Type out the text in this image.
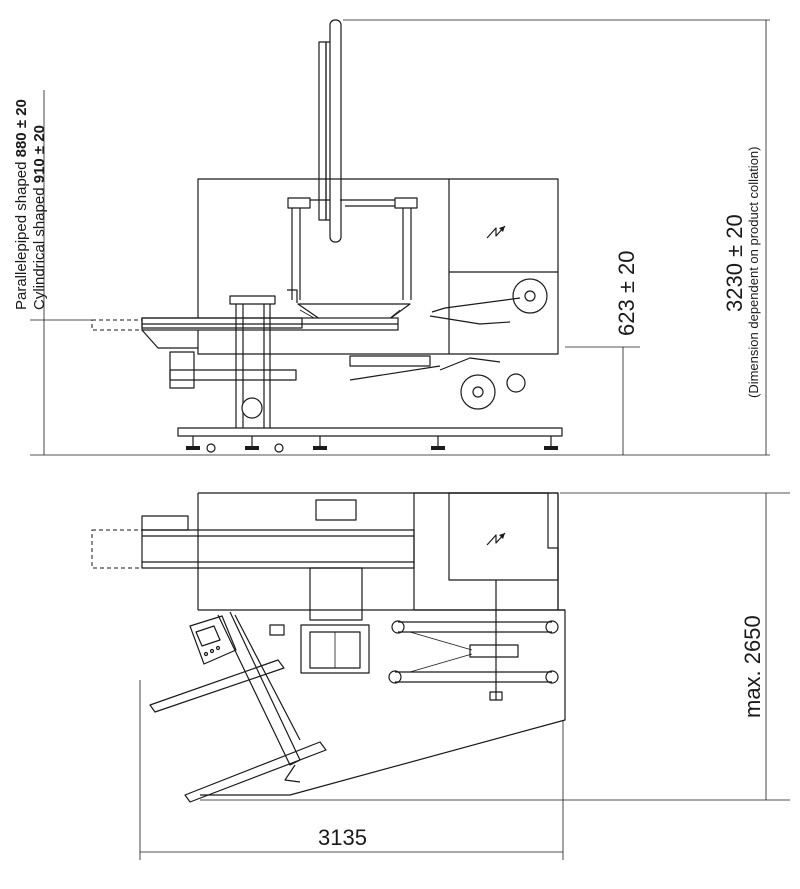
Parallelepiped shaped 880 ± 20
Cylindrical shaped 910 ± 20
623 ± 20	3230 ± 20 (Dimension dependent on product collation)
max. 2650
3135
